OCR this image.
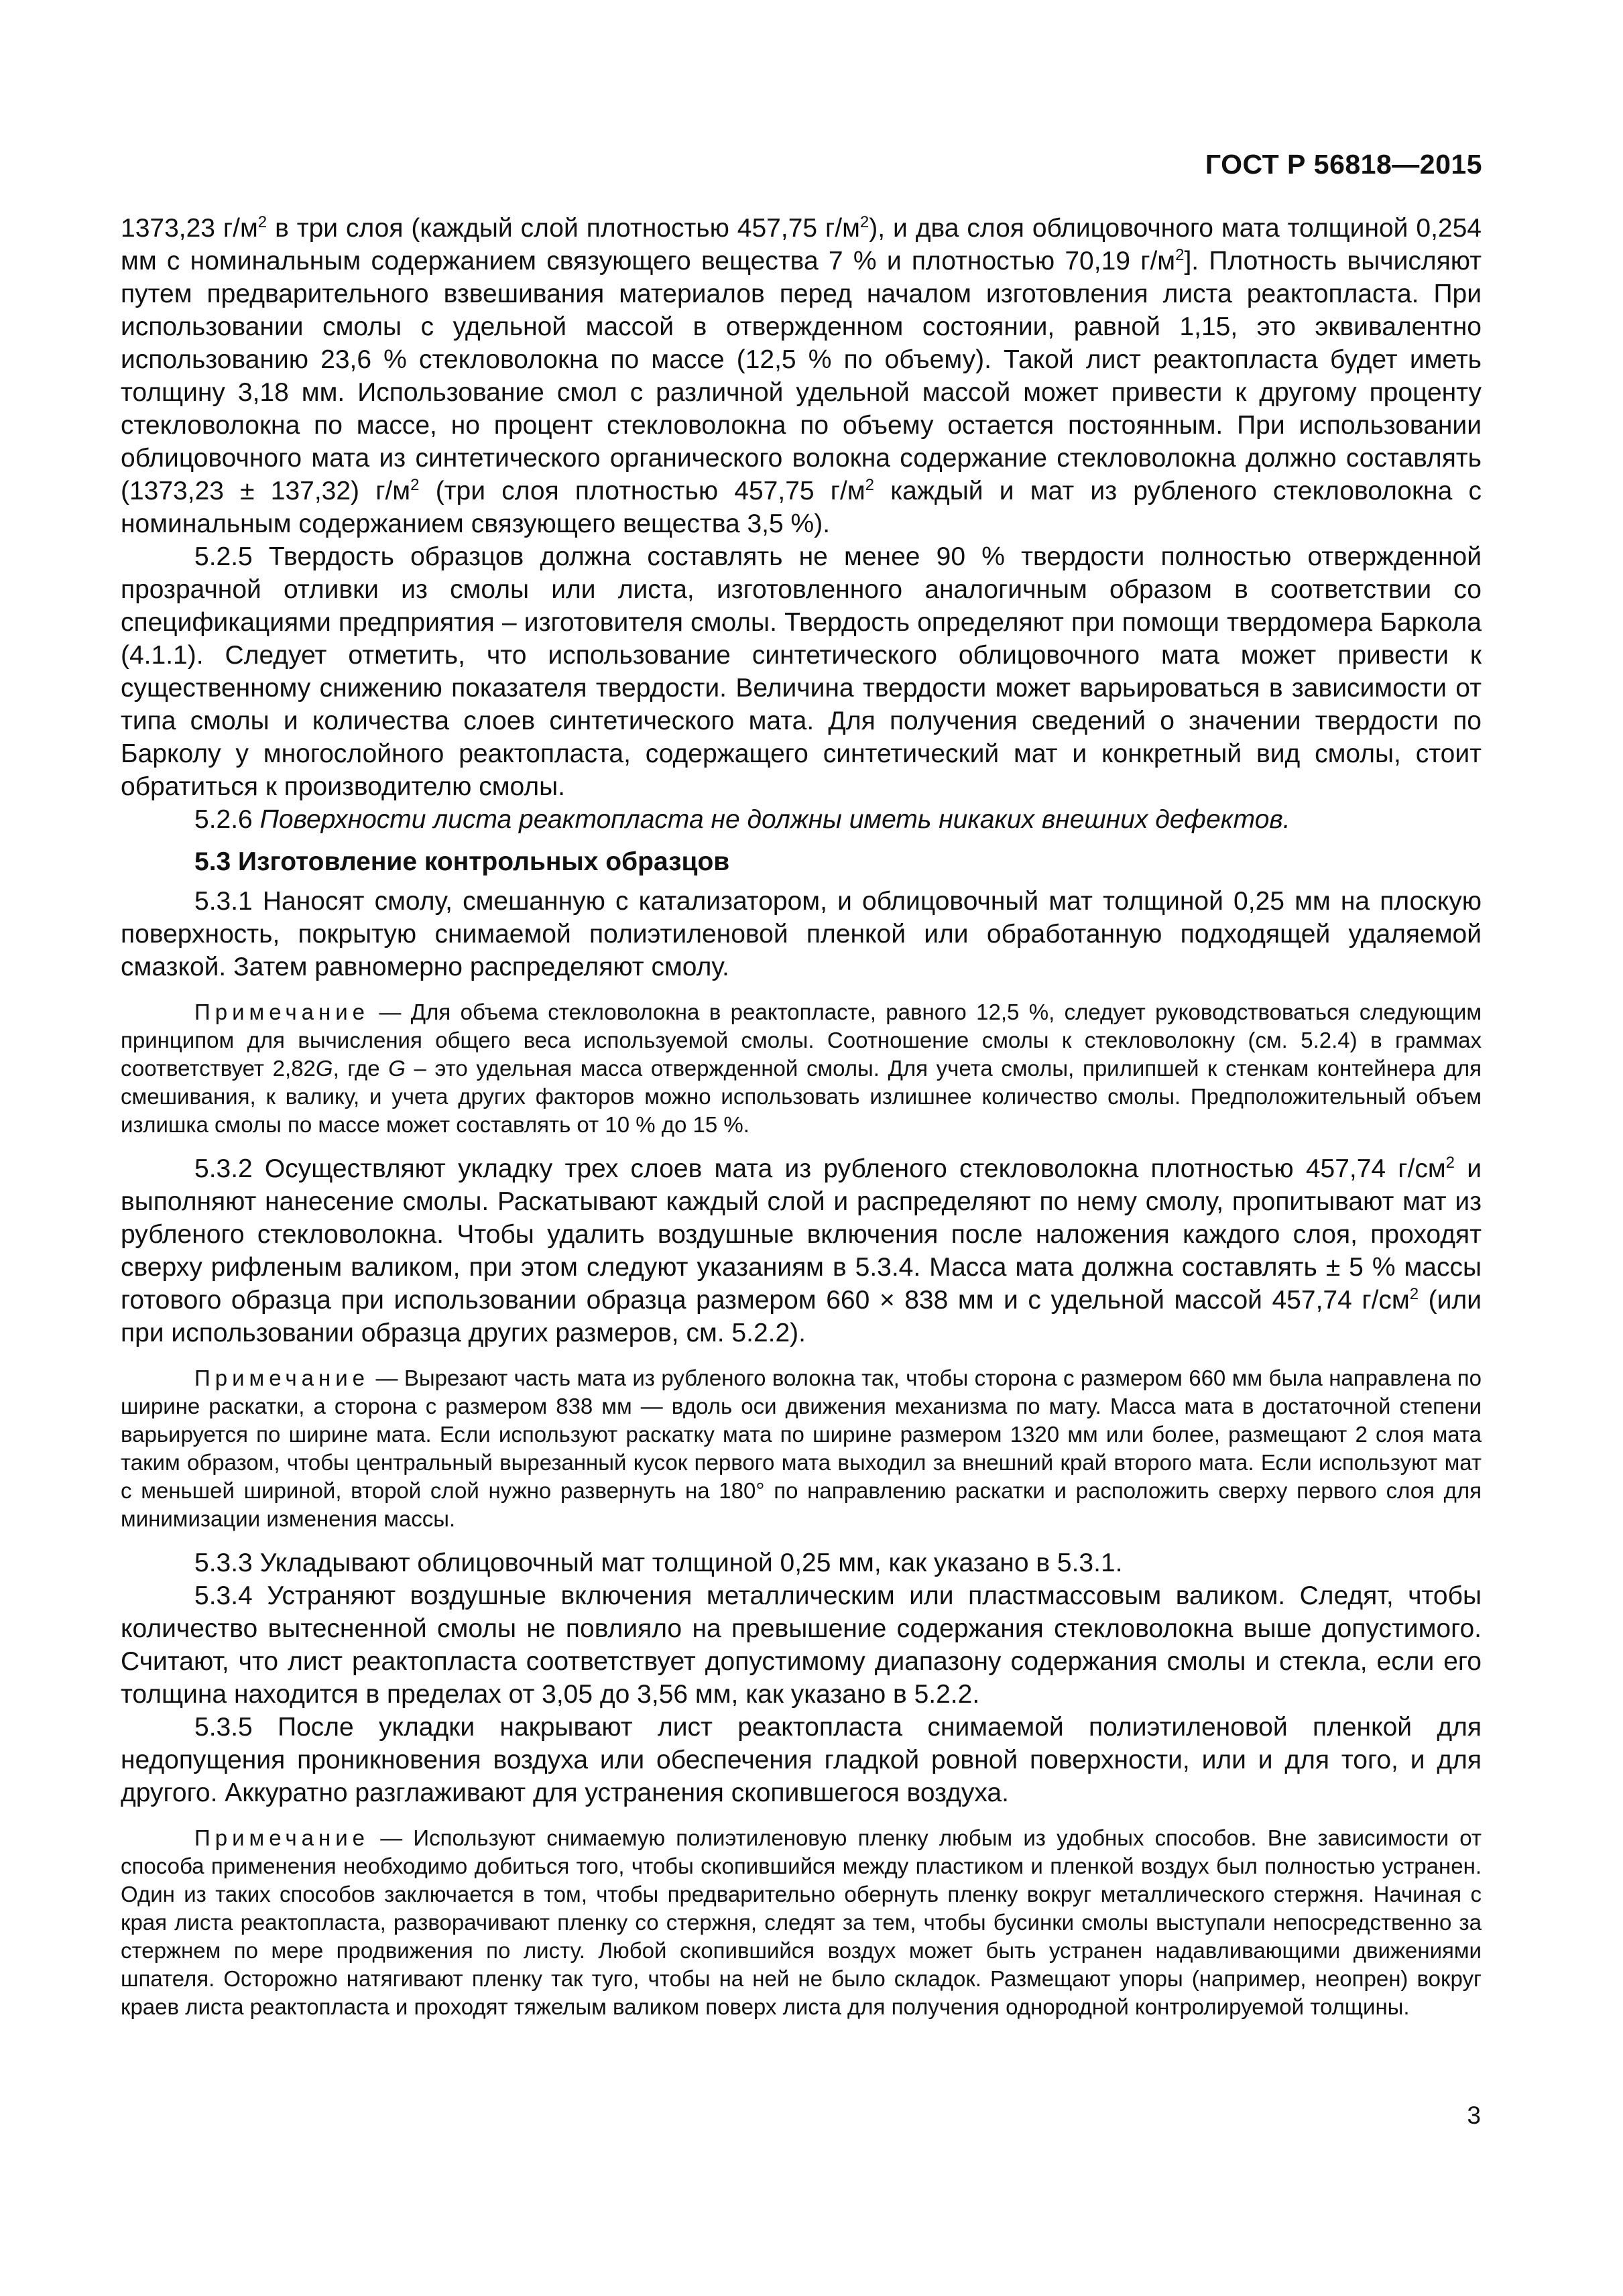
ГОСТ Р 56818—2015

1373,23 $г/м^2$ в три слоя (каждый слой плотностью 457,75 $г/м^2$), и два слоя облицовочного мата толщиной 0,254 мм с номинальным содержанием связующего вещества 7 % и плотностью 70,19 $г/м^2$]. Плотность вычисляют путем предварительного взвешивания материалов перед началом изготовления листа реактопласта. При использовании смолы с удельной массой в отвержденном состоянии, равной 1,15, это эквивалентно использованию 23,6 % стекловолокна по массе (12,5 % по объему). Такой лист реактопласта будет иметь толщину 3,18 мм. Использование смол с различной удельной массой может привести к другому проценту стекловолокна по массе, но процент стекловолокна по объему остается постоянным. При использовании облицовочного мата из синтетического органического волокна содержание стекловолокна должно составлять (1373,23 ± 137,32) $г/м^2$ (три слоя плотностью 457,75 $г/м^2$ каждый и мат из рубленого стекловолокна с номинальным содержанием связующего вещества 3,5 %).

5.2.5 Твердость образцов должна составлять не менее 90 % твердости полностью отвержденной прозрачной отливки из смолы или листа, изготовленного аналогичным образом в соответствии со спецификациями предприятия – изготовителя смолы. Твердость определяют при помощи твердомера Баркола (4.1.1). Следует отметить, что использование синтетического облицовочного мата может привести к существенному снижению показателя твердости. Величина твердости может варьироваться в зависимости от типа смолы и количества слоев синтетического мата. Для получения сведений о значении твердости по Барколу у многослойного реактопласта, содержащего синтетический мат и конкретный вид смолы, стоит обратиться к производителю смолы.

5.2.6 Поверхности листа реактопласта не должны иметь никаких внешних дефектов.

5.3 Изготовление контрольных образцов

5.3.1 Наносят смолу, смешанную с катализатором, и облицовочный мат толщиной 0,25 мм на плоскую поверхность, покрытую снимаемой полиэтиленовой пленкой или обработанную подходящей удаляемой смазкой. Затем равномерно распределяют смолу.

Примечание — Для объема стекловолокна в реактопласте, равного 12,5 %, следует руководствоваться следующим принципом для вычисления общего веса используемой смолы. Соотношение смолы к стекловолокну (см. 5.2.4) в граммах соответствует 2,82G, где G – это удельная масса отвержденной смолы. Для учета смолы, прилипшей к стенкам контейнера для смешивания, к валику, и учета других факторов можно использовать излишнее количество смолы. Предположительный объем излишка смолы по массе может составлять от 10 % до 15 %.

5.3.2 Осуществляют укладку трех слоев мата из рубленого стекловолокна плотностью 457,74 $г/см^2$ и выполняют нанесение смолы. Раскатывают каждый слой и распределяют по нему смолу, пропитывают мат из рубленого стекловолокна. Чтобы удалить воздушные включения после наложения каждого слоя, проходят сверху рифленым валиком, при этом следуют указаниям в 5.3.4. Масса мата должна составлять ± 5 % массы готового образца при использовании образца размером 660 × 838 мм и с удельной массой 457,74 $г/см^2$ (или при использовании образца других размеров, см. 5.2.2).

Примечание — Вырезают часть мата из рубленого волокна так, чтобы сторона с размером 660 мм была направлена по ширине раскатки, а сторона с размером 838 мм — вдоль оси движения механизма по мату. Масса мата в достаточной степени варьируется по ширине мата. Если используют раскатку мата по ширине размером 1320 мм или более, размещают 2 слоя мата таким образом, чтобы центральный вырезанный кусок первого мата выходил за внешний край второго мата. Если используют мат с меньшей шириной, второй слой нужно развернуть на 180° по направлению раскатки и расположить сверху первого слоя для минимизации изменения массы.

5.3.3 Укладывают облицовочный мат толщиной 0,25 мм, как указано в 5.3.1.

5.3.4 Устраняют воздушные включения металлическим или пластмассовым валиком. Следят, чтобы количество вытесненной смолы не повлияло на превышение содержания стекловолокна выше допустимого. Считают, что лист реактопласта соответствует допустимому диапазону содержания смолы и стекла, если его толщина находится в пределах от 3,05 до 3,56 мм, как указано в 5.2.2.

5.3.5 После укладки накрывают лист реактопласта снимаемой полиэтиленовой пленкой для недопущения проникновения воздуха или обеспечения гладкой ровной поверхности, или и для того, и для другого. Аккуратно разглаживают для устранения скопившегося воздуха.

Примечание — Используют снимаемую полиэтиленовую пленку любым из удобных способов. Вне зависимости от способа применения необходимо добиться того, чтобы скопившийся между пластиком и пленкой воздух был полностью устранен. Один из таких способов заключается в том, чтобы предварительно обернуть пленку вокруг металлического стержня. Начиная с края листа реактопласта, разворачивают пленку со стержня, следят за тем, чтобы бусинки смолы выступали непосредственно за стержнем по мере продвижения по листу. Любой скопившийся воздух может быть устранен надавливающими движениями шпателя. Осторожно натягивают пленку так туго, чтобы на ней не было складок. Размещают упоры (например, неопрен) вокруг краев листа реактопласта и проходят тяжелым валиком поверх листа для получения однородной контролируемой толщины.

3
